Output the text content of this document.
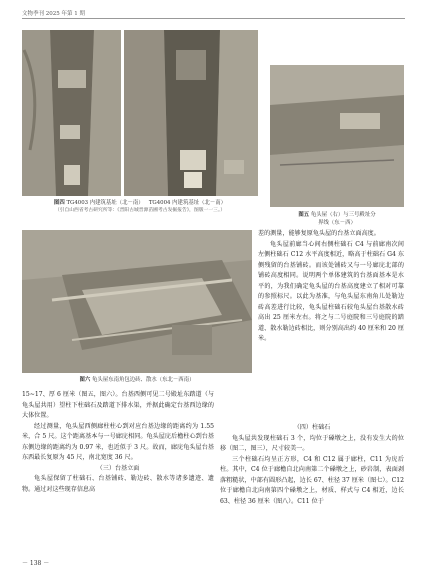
文物季刊 2025 年第 1 期
图四 TG4003 内建筑基址（北－南） TG4004 内建筑基址（北－南）
（引自山西省考古研究所等：《晋阳古城晋源苗圃考古发掘报告》，图版一一三。）
图五 龟头屋（右）与三号殿址分
界线（东－西）

差的测量，能够复原龟头屋的台基立面高度。

龟头屋前廊当心间右侧柱础石 C4 与前廊南次间左侧柱础石 C12 水平高度相近，略高于柱础石 G4 东侧残留的台基铺砖。而该处铺砖又与一号廊庑北部的铺砖高度相同。说明两个单体建筑的台基面基本是水平的，为我们确定龟头屋的台基高度建立了相对可靠的参照标尺。以此为基准，与龟头屋东南角儿处勒边砖高差进行比较，龟头屋柱础石较龟头屋台基散水砖高出 25 厘米左右。将之与二号庭院和三号庭院的踏道、散水勒边砖相比，则分别高出约 40 厘米和 20 厘米。

图六 龟头屋东南角包边砖、散水（东北－西南）

15~17、厚 6 厘米（图五，图六）。台基西侧可见二号殿址东踏道（与龟头屋共用）望柱下柱础石及踏道下排水渠，并据此确定台基西边缘的大体位置。

经过测量，龟头屋西侧廊柱柱心到对应台基边缘的距离约为 1.55 米，合 5 尺。这个距离基本与一号廊庑相同。龟头屋庑后檐柱心到台基东侧边缘的距离约为 0.97 米，也近似于 3 尺。故而，廊庑龟头屋台基东西最长复原为 45 尺，南北宽度 36 尺。

（三）台基立面

龟头屋保留了柱础石、台基铺砖、勒边砖、散水等诸多遗迹、遗物。通过对这些现存信息高

（四）柱础石

龟头屋共发现柱础石 3 个，均位于磉墩之上，没有发生大的位移（图二，图三），尺寸较美一。

三个柱础石均呈正方形，C4 和 C12 属于廊柱，C11 为庑后柱。其中，C4 位于廊檐自北向南第二个磉墩之上，砂岩制，表面剥落粗糙状，中部有圆形凸起，边长 67、柱径 37 厘米（图七）。C12 位于廊檐自北向南第四个磉墩之上，材质、样式与 C4 相近，边长 63、柱径 36 厘米（图八）。C11 位于

－ 138 －
